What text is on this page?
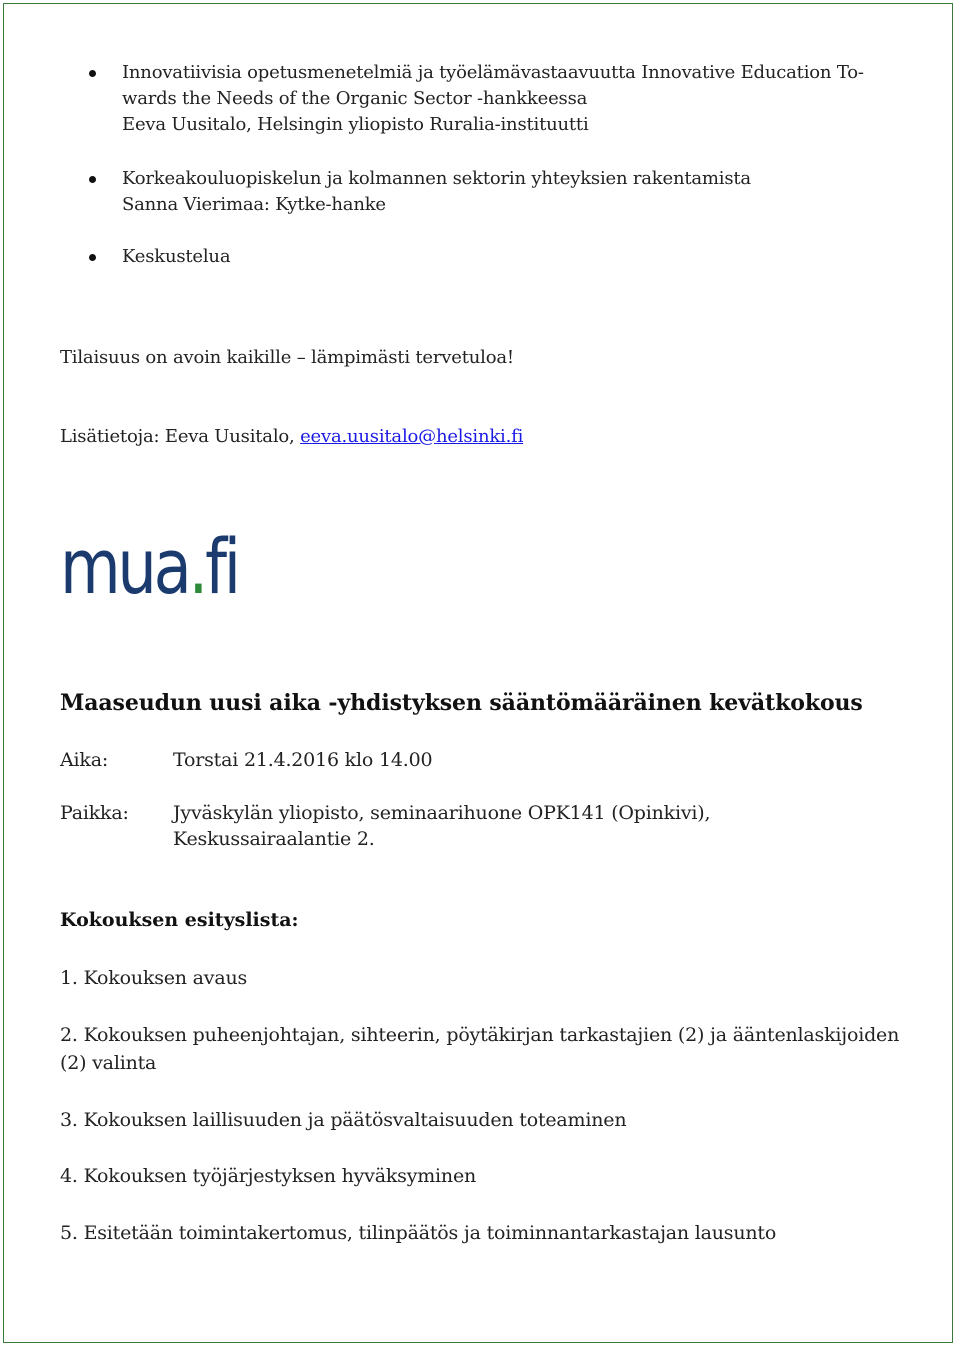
Innovatiivisia opetusmenetelmiä ja työelämävastaavuutta Innovative Education To-
wards the Needs of the Organic Sector -hankkeessa
Eeva Uusitalo, Helsingin yliopisto Ruralia-instituutti
Korkeakouluopiskelun ja kolmannen sektorin yhteyksien rakentamista
Sanna Vierimaa: Kytke-hanke
Keskustelua
Tilaisuus on avoin kaikille – lämpimästi tervetuloa!
Lisätietoja: Eeva Uusitalo, eeva.uusitalo@helsinki.fi
mua.fi
Maaseudun uusi aika -yhdistyksen sääntömääräinen kevätkokous
Aika:	Torstai 21.4.2016 klo 14.00
Paikka: Jyväskylän yliopisto, seminaarihuone OPK141 (Opinkivi),
Keskussairaalantie 2.
Kokouksen esityslista:
1. Kokouksen avaus
2. Kokouksen puheenjohtajan, sihteerin, pöytäkirjan tarkastajien (2) ja ääntenlaskijoiden
(2) valinta
3. Kokouksen laillisuuden ja päätösvaltaisuuden toteaminen
4. Kokouksen työjärjestyksen hyväksyminen
5. Esitetään toimintakertomus, tilinpäätös ja toiminnantarkastajan lausunto
